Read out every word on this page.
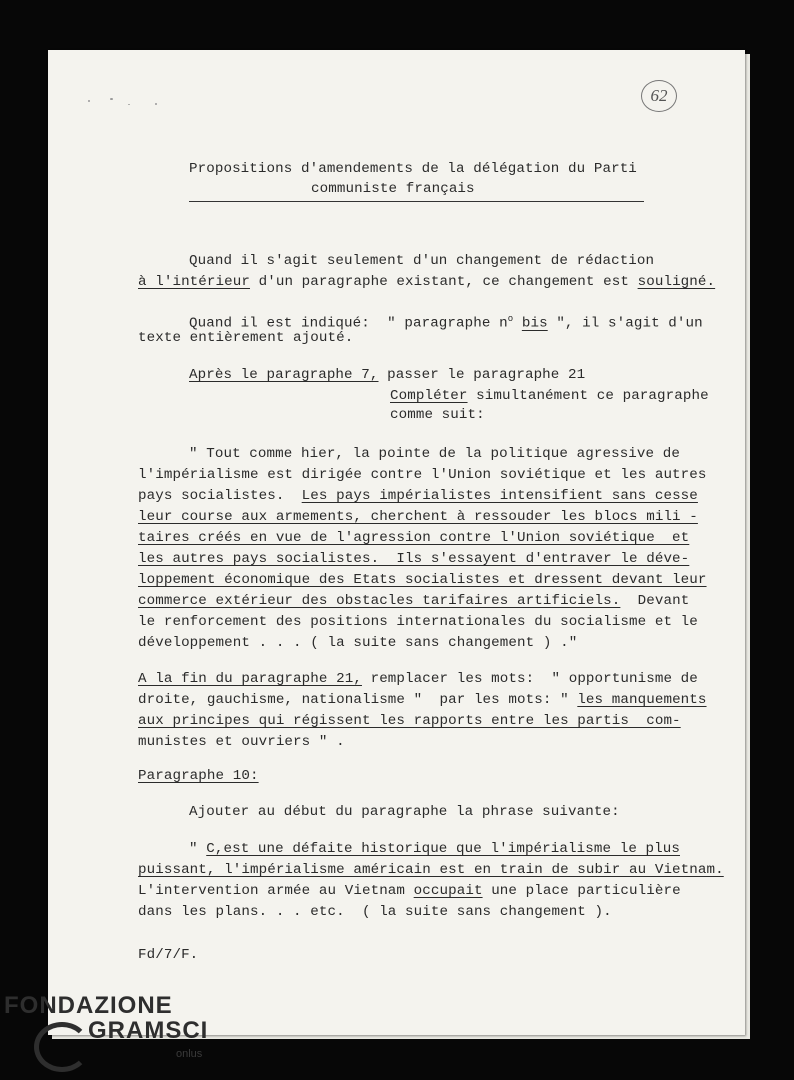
62
Propositions d'amendements de la délégation du Parti
communiste français
Quand il s'agit seulement d'un changement de rédaction
à l'intérieur d'un paragraphe existant, ce changement est souligné.
Quand il est indiqué:  " paragraphe $n^o$ bis ", il s'agit d'un
texte entièrement ajouté.
Après le paragraphe 7, passer le paragraphe 21
Compléter simultanément ce paragraphe
comme suit:
" Tout comme hier, la pointe de la politique agressive de
l'impérialisme est dirigée contre l'Union soviétique et les autres
pays socialistes.  Les pays impérialistes intensifient sans cesse
leur course aux armements, cherchent à ressouder les blocs mili -
taires créés en vue de l'agression contre l'Union soviétique  et
les autres pays socialistes.  Ils s'essayent d'entraver le déve-
loppement économique des Etats socialistes et dressent devant leur
commerce extérieur des obstacles tarifaires artificiels.  Devant
le renforcement des positions internationales du socialisme et le
développement . . . ( la suite sans changement ) ."
A la fin du paragraphe 21, remplacer les mots:  " opportunisme de
droite, gauchisme, nationalisme "  par les mots: " les manquements
aux principes qui régissent les rapports entre les partis  com-
munistes et ouvriers " .
Paragraphe 10:
Ajouter au début du paragraphe la phrase suivante:
" C,est une défaite historique que l'impérialisme le plus
puissant, l'impérialisme américain est en train de subir au Vietnam.
L'intervention armée au Vietnam occupait une place particulière
dans les plans. . . etc.  ( la suite sans changement ).
Fd/7/F.
FONDAZIONE
GRAMSCI
onlus
